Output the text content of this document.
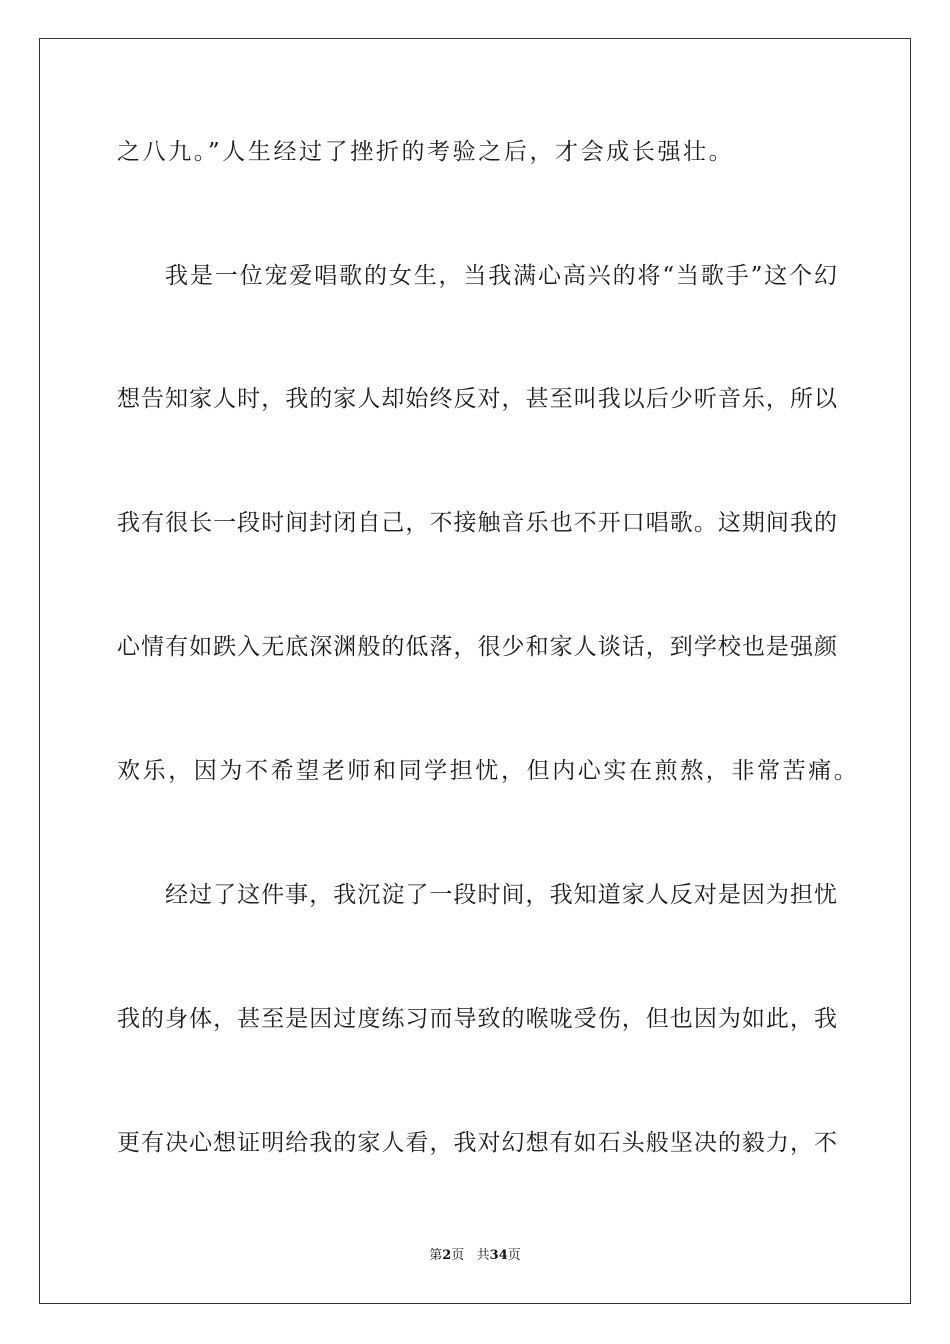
之八九。”人生经过了挫折的考验之后，才会成长强壮。
我是一位宠爱唱歌的女生，当我满心高兴的将“当歌手”这个幻
想告知家人时，我的家人却始终反对，甚至叫我以后少听音乐，所以
我有很长一段时间封闭自己，不接触音乐也不开口唱歌。这期间我的
心情有如跌入无底深渊般的低落，很少和家人谈话，到学校也是强颜
欢乐，因为不希望老师和同学担忧，但内心实在煎熬，非常苦痛。
经过了这件事，我沉淀了一段时间，我知道家人反对是因为担忧
我的身体，甚至是因过度练习而导致的喉咙受伤，但也因为如此，我
更有决心想证明给我的家人看，我对幻想有如石头般坚决的毅力，不
第2页   共34页
